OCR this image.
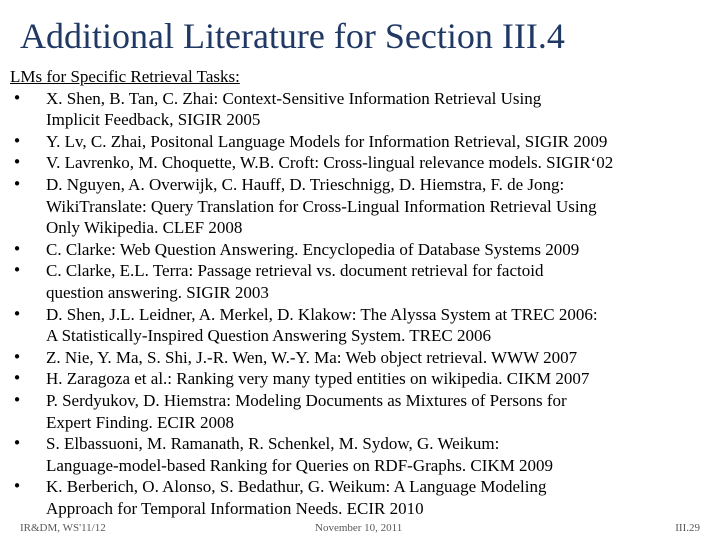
Additional Literature for Section III.4
LMs for Specific Retrieval Tasks:
• X. Shen, B. Tan, C. Zhai: Context-Sensitive Information Retrieval Using
Implicit Feedback, SIGIR 2005
• Y. Lv, C. Zhai, Positonal Language Models for Information Retrieval, SIGIR 2009
• V. Lavrenko, M. Choquette, W.B. Croft: Cross-lingual relevance models. SIGIR‘02
• D. Nguyen, A. Overwijk, C. Hauff, D. Trieschnigg, D. Hiemstra, F. de Jong:
WikiTranslate: Query Translation for Cross-Lingual Information Retrieval Using
Only Wikipedia. CLEF 2008
• C. Clarke: Web Question Answering. Encyclopedia of Database Systems 2009
• C. Clarke, E.L. Terra: Passage retrieval vs. document retrieval for factoid
question answering. SIGIR 2003
• D. Shen, J.L. Leidner, A. Merkel, D. Klakow: The Alyssa System at TREC 2006:
A Statistically-Inspired Question Answering System. TREC 2006
• Z. Nie, Y. Ma, S. Shi, J.-R. Wen, W.-Y. Ma: Web object retrieval. WWW 2007
• H. Zaragoza et al.: Ranking very many typed entities on wikipedia. CIKM 2007
• P. Serdyukov, D. Hiemstra: Modeling Documents as Mixtures of Persons for
Expert Finding. ECIR 2008
• S. Elbassuoni, M. Ramanath, R. Schenkel, M. Sydow, G. Weikum:
Language-model-based Ranking for Queries on RDF-Graphs. CIKM 2009
• K. Berberich, O. Alonso, S. Bedathur, G. Weikum: A Language Modeling
Approach for Temporal Information Needs. ECIR 2010
IR&DM, WS'11/12	November 10, 2011	III.29
